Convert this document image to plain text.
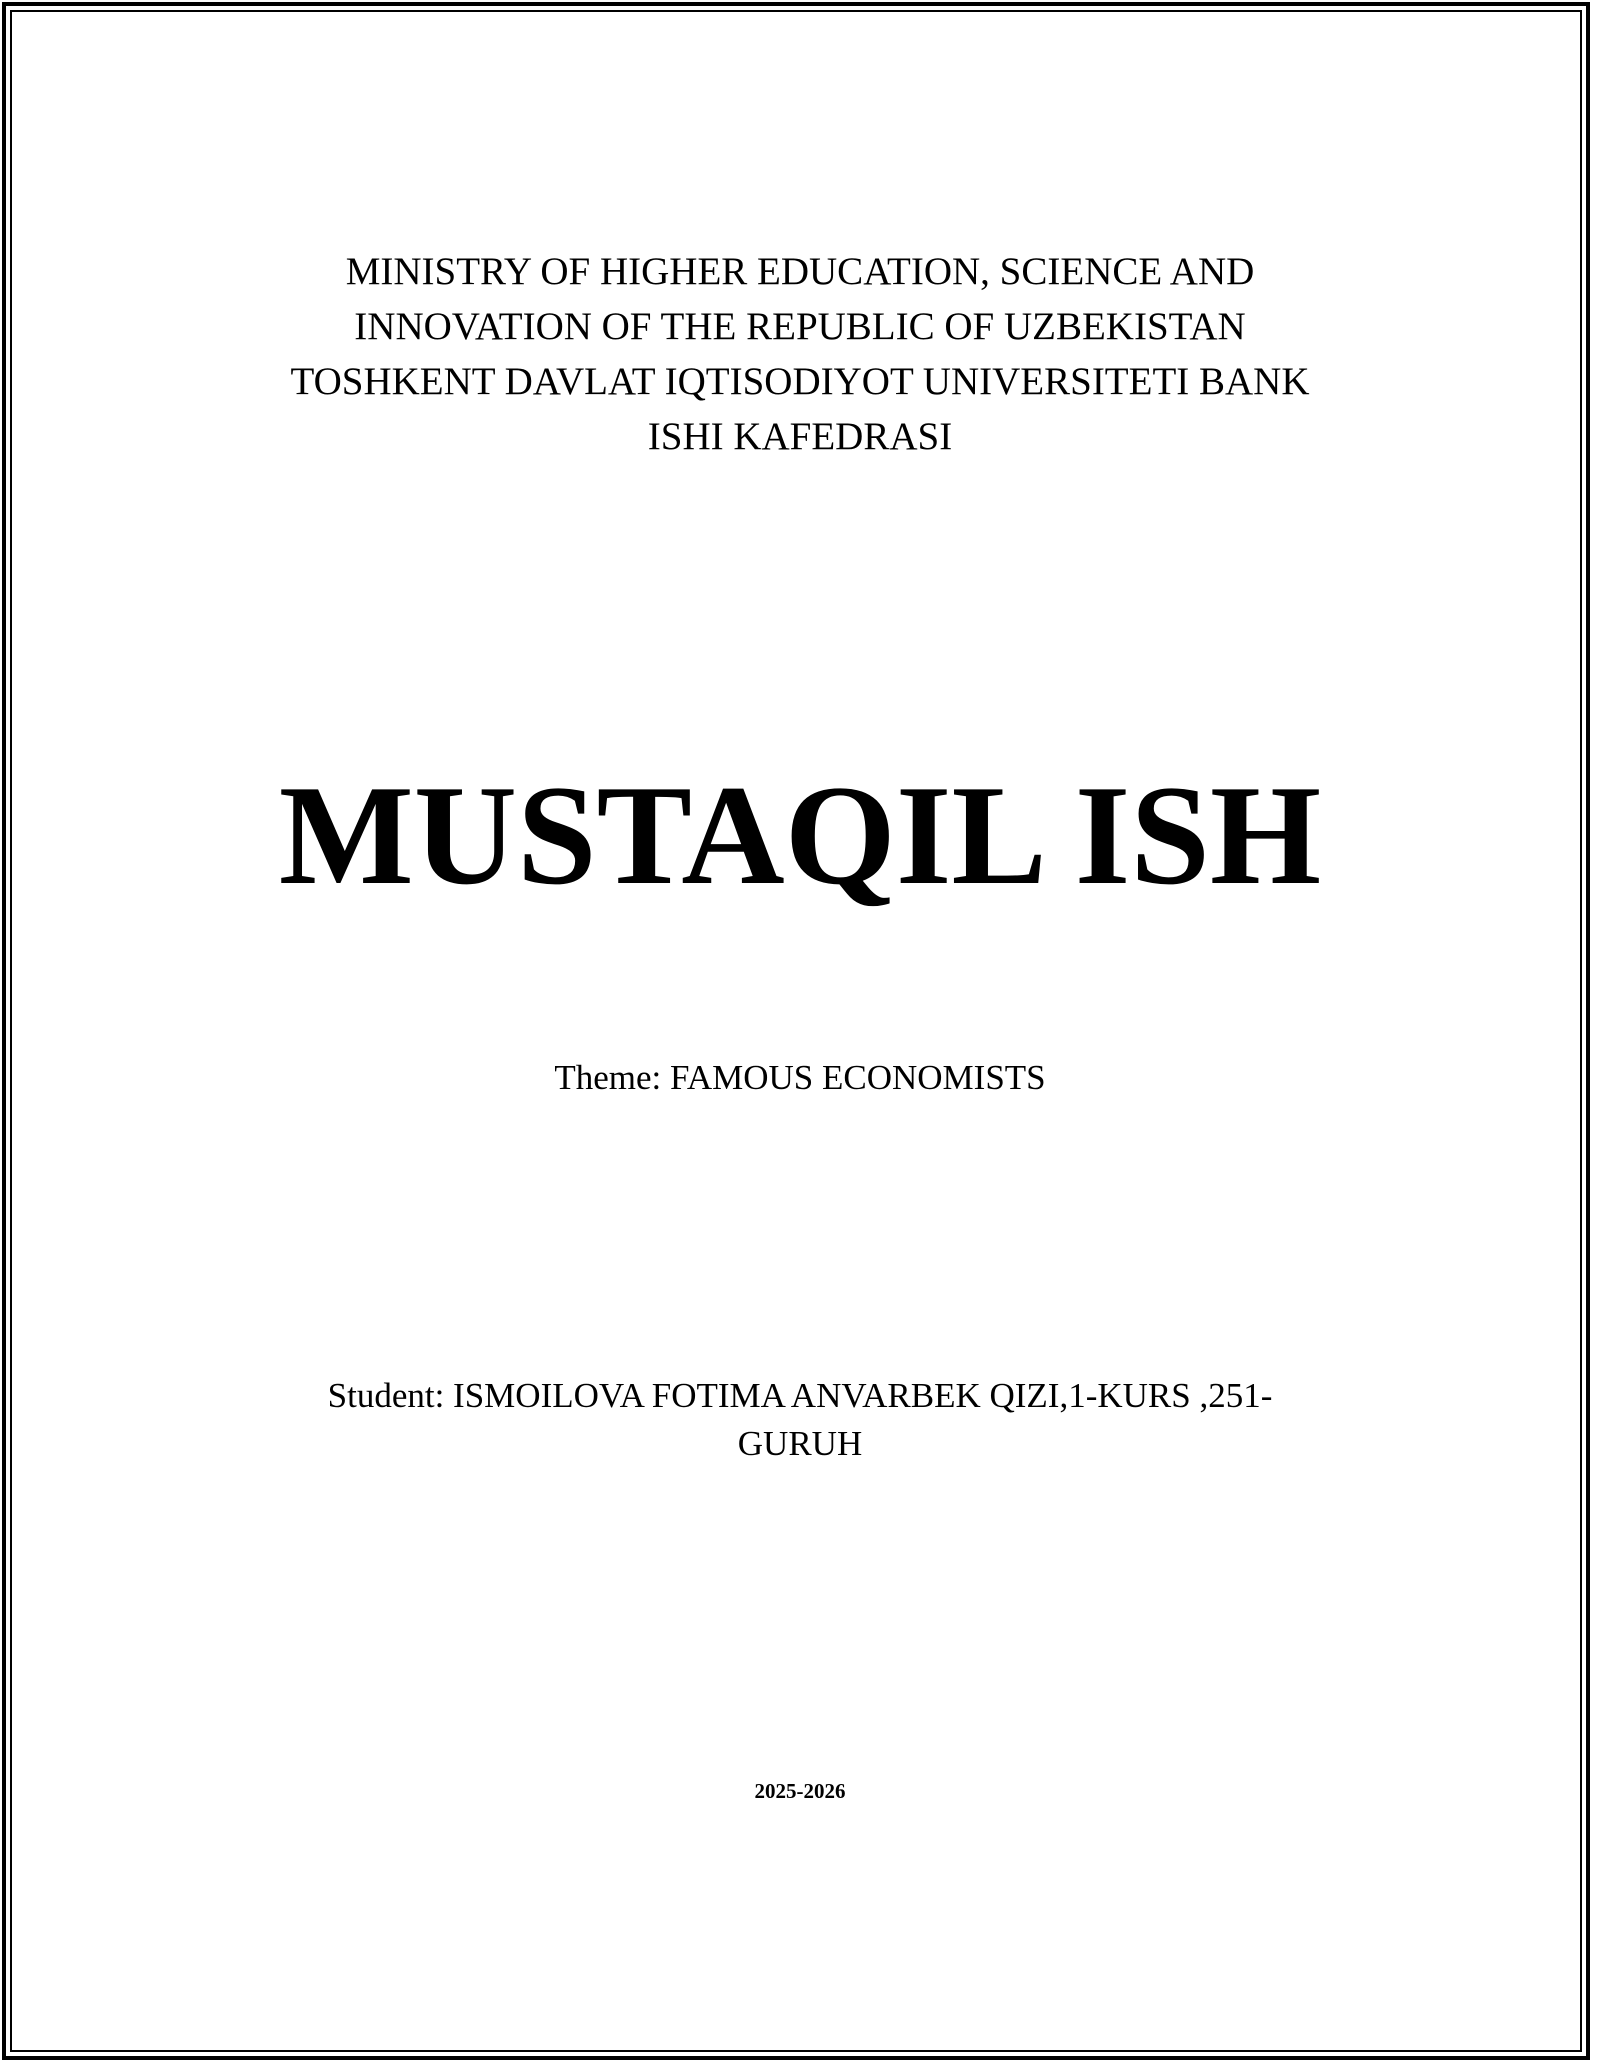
MINISTRY OF HIGHER EDUCATION, SCIENCE AND
INNOVATION OF THE REPUBLIC OF UZBEKISTAN
TOSHKENT DAVLAT IQTISODIYOT UNIVERSITETI BANK
ISHI KAFEDRASI
MUSTAQIL ISH
Theme: FAMOUS ECONOMISTS
Student: ISMOILOVA FOTIMA ANVARBEK QIZI,1-KURS ,251-
GURUH
2025-2026
